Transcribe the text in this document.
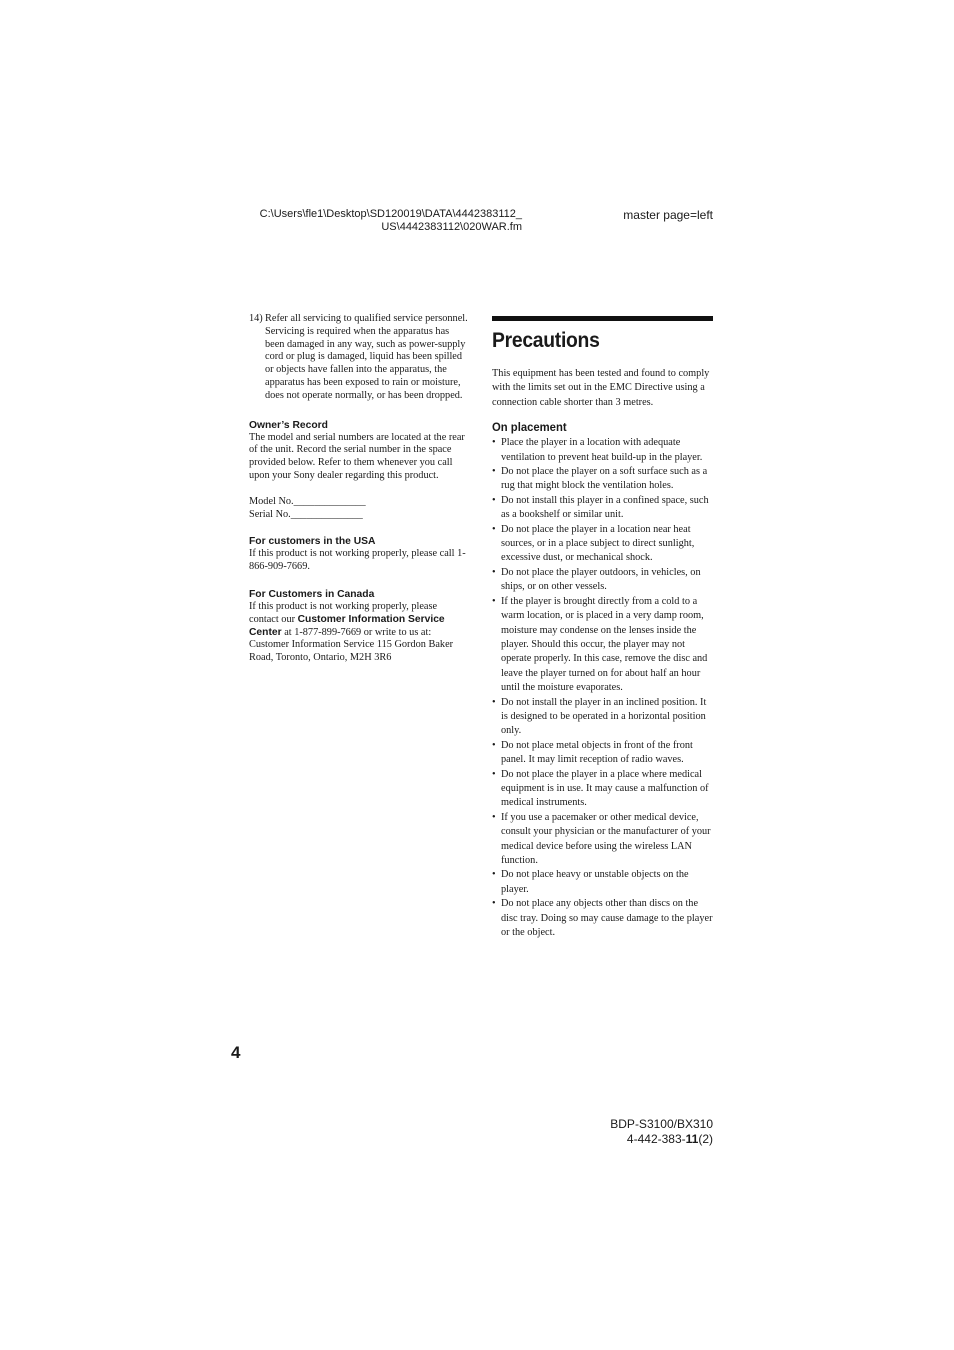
C:\Users\fle1\Desktop\SD120019\DATA\4442383112_
US\4442383112\020WAR.fm
master page=left
14) Refer all servicing to qualified service personnel. Servicing is required when the apparatus has been damaged in any way, such as power-supply cord or plug is damaged, liquid has been spilled or objects have fallen into the apparatus, the apparatus has been exposed to rain or moisture, does not operate normally, or has been dropped.
Owner’s Record

The model and serial numbers are located at the rear of the unit. Record the serial number in the space provided below. Refer to them whenever you call upon your Sony dealer regarding this product.

Model No.______________

Serial No.______________

For customers in the USA

If this product is not working properly, please call 1-866-909-7669.

For Customers in Canada

If this product is not working properly, please contact our Customer Information Service Center at 1-877-899-7669 or write to us at: Customer Information Service 115 Gordon Baker Road, Toronto, Ontario, M2H 3R6

Precautions

This equipment has been tested and found to comply with the limits set out in the EMC Directive using a connection cable shorter than 3 metres.

On placement
• Place the player in a location with adequate ventilation to prevent heat build-up in the player.
• Do not place the player on a soft surface such as a rug that might block the ventilation holes.
• Do not install this player in a confined space, such as a bookshelf or similar unit.
• Do not place the player in a location near heat sources, or in a place subject to direct sunlight, excessive dust, or mechanical shock.
• Do not place the player outdoors, in vehicles, on ships, or on other vessels.
• If the player is brought directly from a cold to a warm location, or is placed in a very damp room, moisture may condense on the lenses inside the player. Should this occur, the player may not operate properly. In this case, remove the disc and leave the player turned on for about half an hour until the moisture evaporates.
• Do not install the player in an inclined position. It is designed to be operated in a horizontal position only.
• Do not place metal objects in front of the front panel. It may limit reception of radio waves.
• Do not place the player in a place where medical equipment is in use. It may cause a malfunction of medical instruments.
• If you use a pacemaker or other medical device, consult your physician or the manufacturer of your medical device before using the wireless LAN function.
• Do not place heavy or unstable objects on the player.
• Do not place any objects other than discs on the disc tray. Doing so may cause damage to the player or the object.
4
BDP-S3100/BX310
4-442-383-11(2)
